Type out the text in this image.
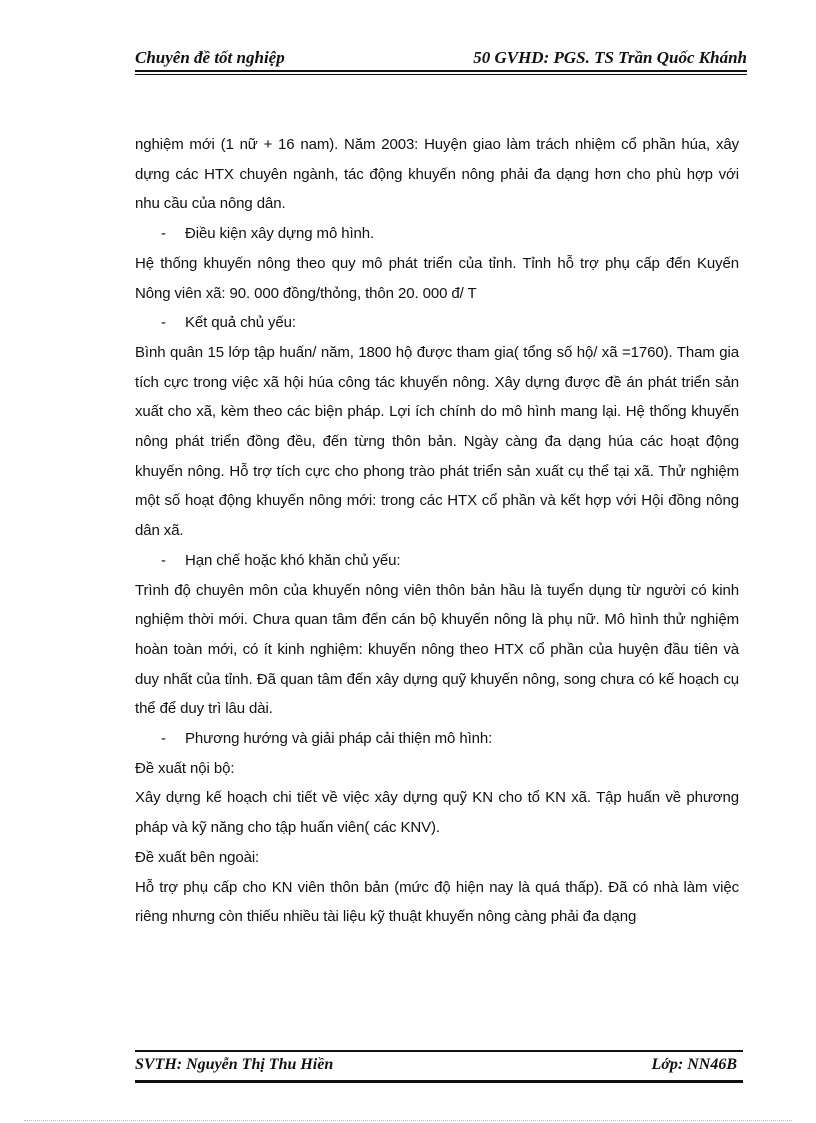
Chuyên đề tốt nghiệp	50 GVHD: PGS. TS Trần Quốc Khánh

nghiệm mới (1 nữ + 16 nam). Năm 2003: Huyện giao làm trách nhiệm cổ phần húa, xây dựng các HTX chuyên ngành, tác động khuyến nông phải đa dạng hơn cho phù hợp với nhu cầu của nông dân.

- Điều kiện xây dựng mô hình.

Hệ thống khuyến nông theo quy mô phát triển của tỉnh. Tỉnh hỗ trợ phụ cấp đến Kuyến Nông viên xã: 90. 000 đồng/thỏng, thôn 20. 000 đ/ T

- Kết quả chủ yếu:

Bình quân 15 lớp tập huấn/ năm, 1800 hộ được tham gia( tổng số hộ/ xã =1760). Tham gia tích cực trong việc xã hội húa công tác khuyến nông. Xây dựng được đề án phát triển sản xuất cho xã, kèm theo các biện pháp. Lợi ích chính do mô hình mang lại. Hệ thống khuyến nông phát triển đồng đều, đến từng thôn bản. Ngày càng đa dạng húa các hoạt động khuyến nông. Hỗ trợ tích cực cho phong trào phát triển sản xuất cụ thể tại xã. Thử nghiệm một số hoạt động khuyến nông mới: trong các HTX cổ phần và kết hợp với Hội đồng nông dân xã.

- Hạn chế hoặc khó khăn chủ yếu:

Trình độ chuyên môn của khuyến nông viên thôn bản hầu là tuyển dụng từ người có kinh nghiệm thời mới. Chưa quan tâm đến cán bộ khuyến nông là phụ nữ. Mô hình thử nghiệm hoàn toàn mới, có ít kinh nghiệm: khuyến nông theo HTX cổ phần của huyện đầu tiên và duy nhất của tỉnh. Đã quan tâm đến xây dựng quỹ khuyến nông, song chưa có kế hoạch cụ thể để duy trì lâu dài.

- Phương hướng và giải pháp cải thiện mô hình:

Đề xuất nội bộ:

Xây dựng kế hoạch chi tiết về việc xây dựng quỹ KN cho tổ KN xã. Tập huấn về phương pháp và kỹ năng cho tập huấn viên( các KNV).

Đề xuất bên ngoài:

Hỗ trợ phụ cấp cho KN viên thôn bản (mức độ hiện nay là quá thấp). Đã có nhà làm việc riêng nhưng còn thiếu nhiều tài liệu kỹ thuật khuyến nông càng phải đa dạng

SVTH: Nguyễn Thị Thu Hiền	Lớp: NN46B
